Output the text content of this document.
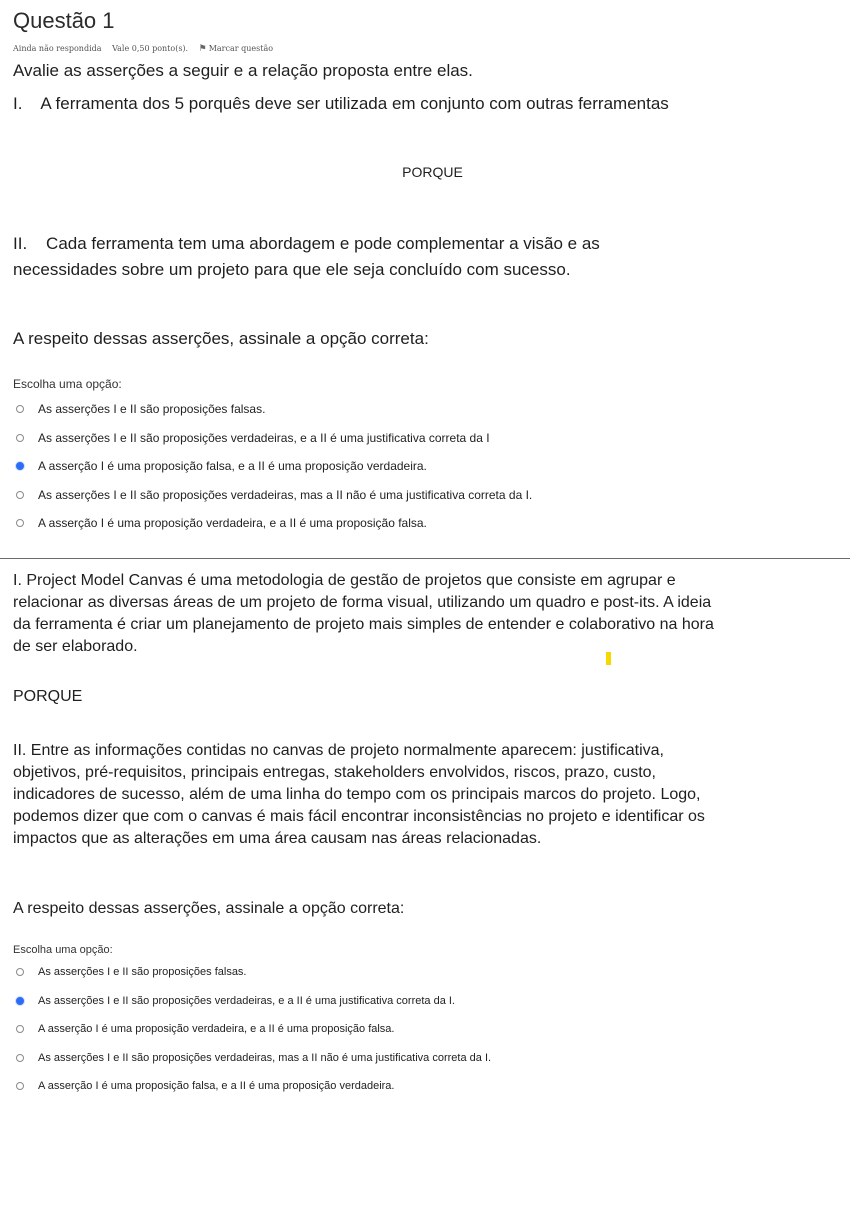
Questão 1
Ainda não respondida Vale 0,50 ponto(s). ⚑ Marcar questão

Avalie as asserções a seguir e a relação proposta entre elas.

I.    A ferramenta dos 5 porquês deve ser utilizada em conjunto com outras ferramentas

PORQUE

II.    Cada ferramenta tem uma abordagem e pode complementar a visão e as

necessidades sobre um projeto para que ele seja concluído com sucesso.

A respeito dessas asserções, assinale a opção correta:

Escolha uma opção:
As asserções I e II são proposições falsas.
As asserções I e II são proposições verdadeiras, e a II é uma justificativa correta da I
A asserção I é uma proposição falsa, e a II é uma proposição verdadeira.
As asserções I e II são proposições verdadeiras, mas a II não é uma justificativa correta da I.
A asserção I é uma proposição verdadeira, e a II é uma proposição falsa.

I. Project Model Canvas é uma metodologia de gestão de projetos que consiste em agrupar e relacionar as diversas áreas de um projeto de forma visual, utilizando um quadro e post-its. A ideia da ferramenta é criar um planejamento de projeto mais simples de entender e colaborativo na hora de ser elaborado.

PORQUE

II. Entre as informações contidas no canvas de projeto normalmente aparecem: justificativa, objetivos, pré-requisitos, principais entregas, stakeholders envolvidos, riscos, prazo, custo, indicadores de sucesso, além de uma linha do tempo com os principais marcos do projeto. Logo, podemos dizer que com o canvas é mais fácil encontrar inconsistências no projeto e identificar os impactos que as alterações em uma área causam nas áreas relacionadas.

A respeito dessas asserções, assinale a opção correta:

Escolha uma opção:
As asserções I e II são proposições falsas.
As asserções I e II são proposições verdadeiras, e a II é uma justificativa correta da I.
A asserção I é uma proposição verdadeira, e a II é uma proposição falsa.
As asserções I e II são proposições verdadeiras, mas a II não é uma justificativa correta da I.
A asserção I é uma proposição falsa, e a II é uma proposição verdadeira.
